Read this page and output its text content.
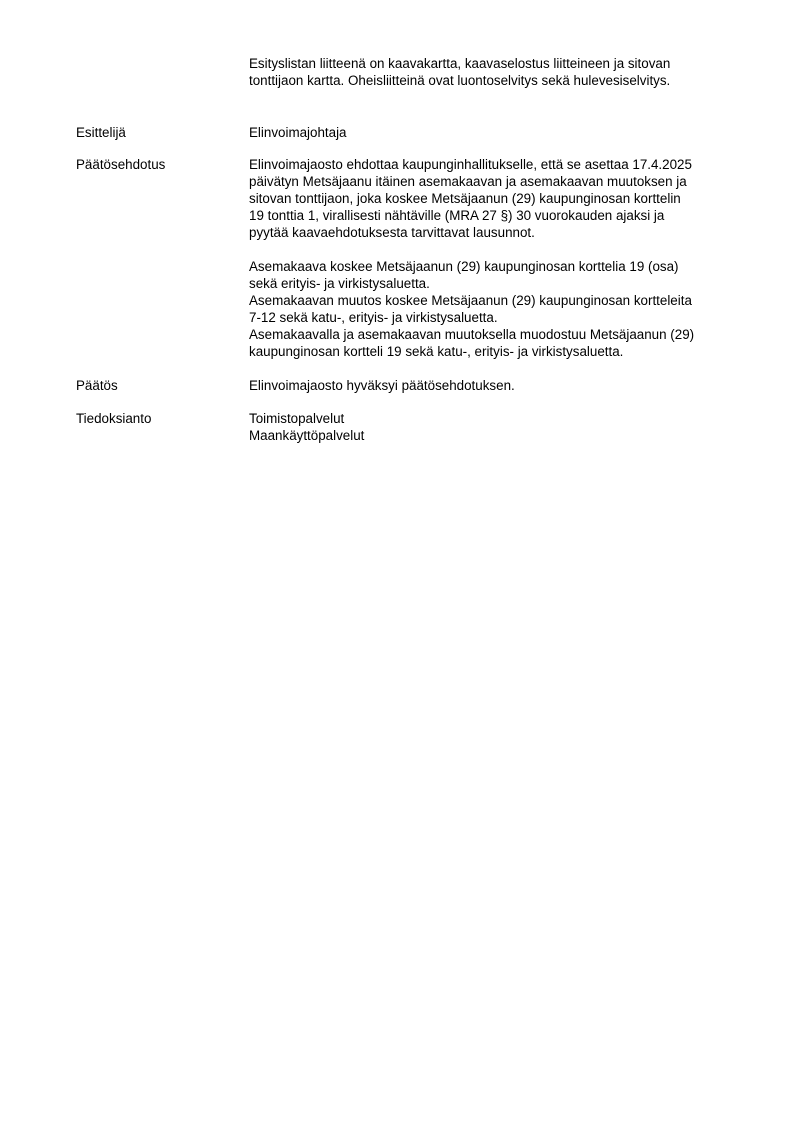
Esityslistan liitteenä on kaavakartta, kaavaselostus liitteineen ja sitovan
tonttijaon kartta. Oheisliitteinä ovat luontoselvitys sekä hulevesiselvitys.
Esittelijä	Elinvoimajohtaja
Päätösehdotus	Elinvoimajaosto ehdottaa kaupunginhallitukselle, että se asettaa 17.4.2025
päivätyn Metsäjaanu itäinen asemakaavan ja asemakaavan muutoksen ja
sitovan tonttijaon, joka koskee Metsäjaanun (29) kaupunginosan korttelin
19 tonttia 1, virallisesti nähtäville (MRA 27 §) 30 vuorokauden ajaksi ja
pyytää kaavaehdotuksesta tarvittavat lausunnot.
Asemakaava koskee Metsäjaanun (29) kaupunginosan korttelia 19 (osa)
sekä erityis- ja virkistysaluetta.
Asemakaavan muutos koskee Metsäjaanun (29) kaupunginosan kortteleita
7-12 sekä katu-, erityis- ja virkistysaluetta.
Asemakaavalla ja asemakaavan muutoksella muodostuu Metsäjaanun (29)
kaupunginosan kortteli 19 sekä katu-, erityis- ja virkistysaluetta.
Päätös	Elinvoimajaosto hyväksyi päätösehdotuksen.
Tiedoksianto	Toimistopalvelut
Maankäyttöpalvelut
